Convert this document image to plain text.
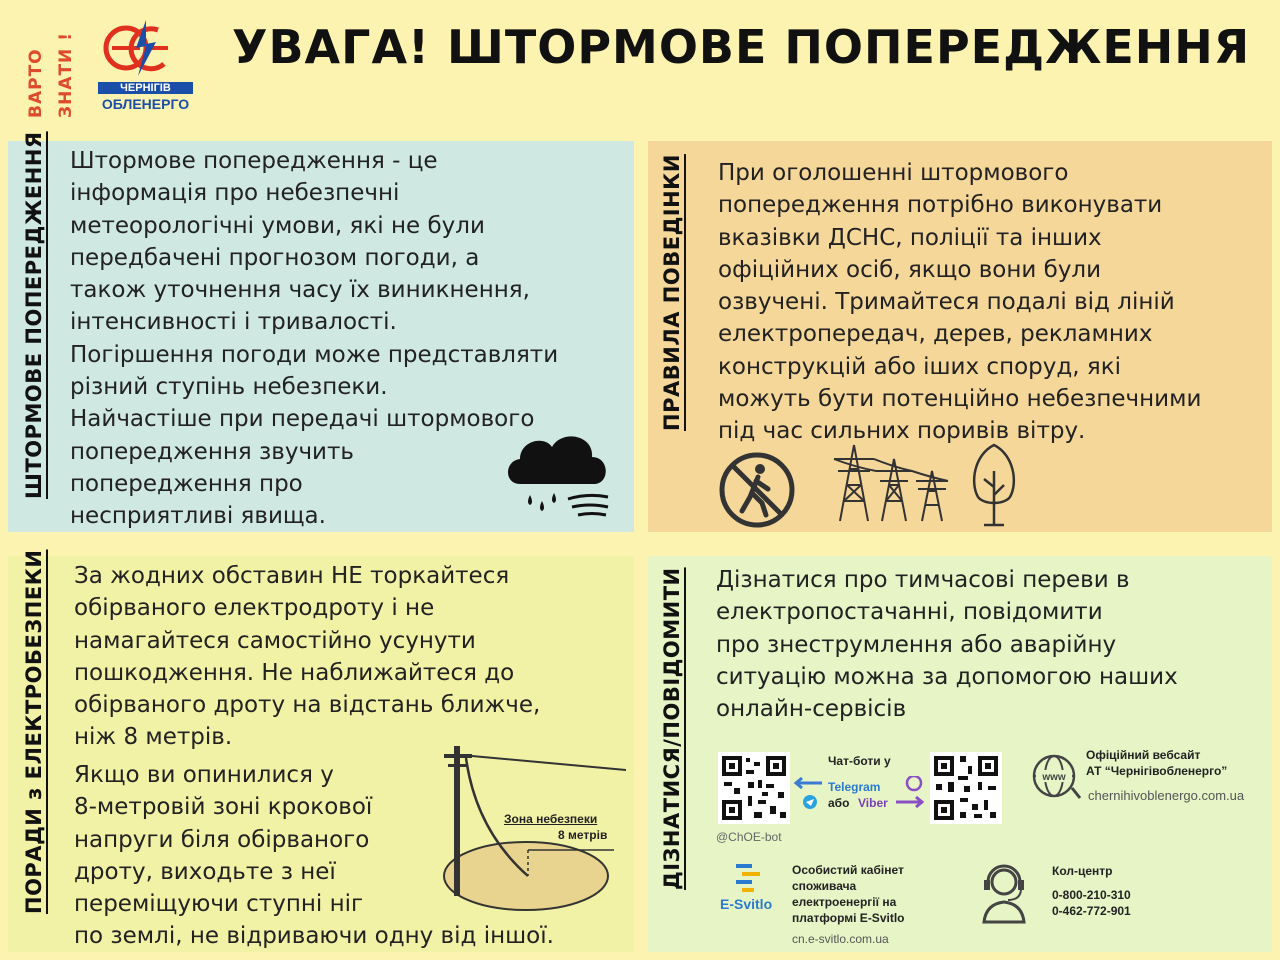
ВАРТО ЗНАТИ !	ЧЕРНІГІВ
ОБЛЕНЕРГО
УВАГА! ШТОРМОВЕ ПОПЕРЕДЖЕННЯ
ШТОРМОВЕ ПОПЕРЕДЖЕННЯ Штормове попередження - це
інформація про небезпечні
метеорологічні умови, які не були
передбачені прогнозом погоди, а
також уточнення часу їх виникнення,
інтенсивності і тривалості.
Погіршення погоди може представляти
різний ступінь небезпеки.
Найчастіше при передачі штормового
попередження звучить
попередження про
несприятливі явища.
ПРАВИЛА ПОВЕДІНКИ При оголошенні штормового
попередження потрібно виконувати
вказівки ДСНС, поліції та інших
офіційних осіб, якщо вони були
озвучені. Тримайтеся подалі від ліній
електропередач, дерев, рекламних
конструкцій або іших споруд, які
можуть бути потенційно небезпечними
під час сильних поривів вітру.
ПОРАДИ з ЕЛЕКТРОБЕЗПЕКИ За жодних обставин НЕ торкайтеся
обірваного електродроту і не
намагайтеся самостійно усунути
пошкодження. Не наближайтеся до
обірваного дроту на відстань ближче,
ніж 8 метрів.
Якщо ви опинилися у
8-метровій зоні крокової
напруги біля обірваного
дроту, виходьте з неї
переміщуючи ступні ніг
по землі, не відриваючи одну від іншої.
Зона небезпеки
8 метрів	ДІЗНАТИСЯ/ПОВІДОМИТИ Дізнатися про тимчасові переви в
електропостачанні, повідомити
про знеструмлення або аварійну
ситуацію можна за допомогою наших
онлайн-сервісів
@ChOE-bot
Чат-боти у
Telegram
або Viber
www
Офіційний вебсайт
АТ “Чернігівобленерго”
chernihivoblenergo.com.ua
E-Svitlo
Особистий кабінет
споживача
електроенергії на
платформі E-Svitlo
cn.e-svitlo.com.ua
Кол-центр
0-800-210-310
0-462-772-901
